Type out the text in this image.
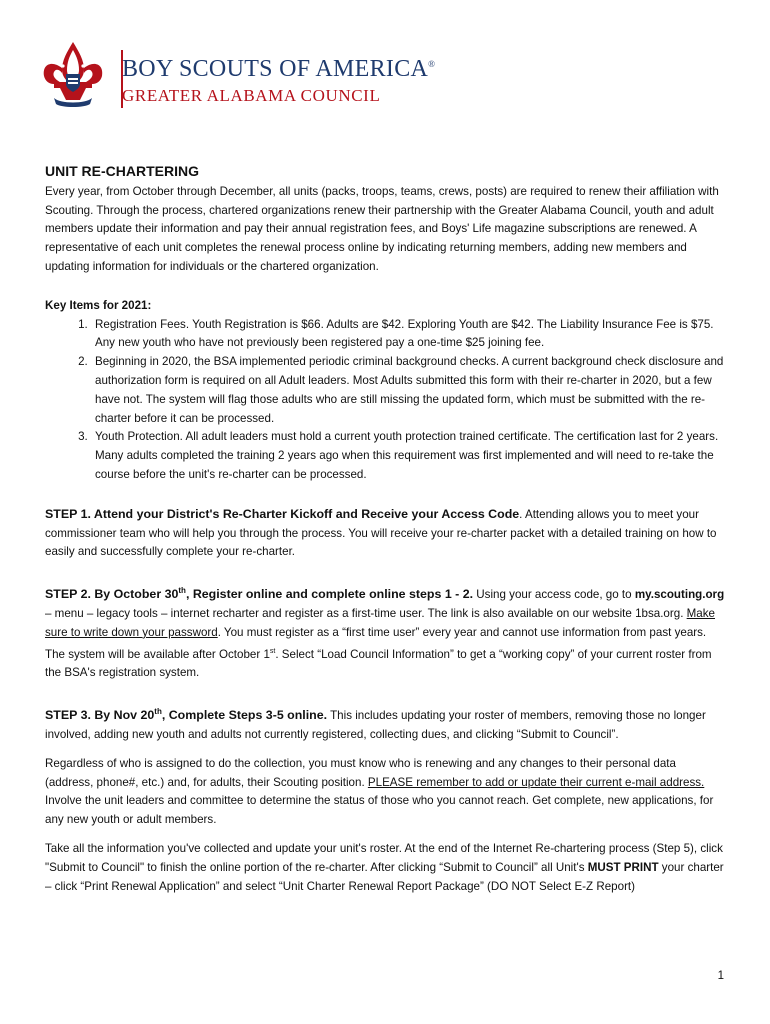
BOY SCOUTS OF AMERICA®
GREATER ALABAMA COUNCIL
UNIT RE-CHARTERING

Every year, from October through December, all units (packs, troops, teams, crews, posts) are required to renew their affiliation with Scouting. Through the process, chartered organizations renew their partnership with the Greater Alabama Council, youth and adult members update their information and pay their annual registration fees, and Boys' Life magazine subscriptions are renewed. A representative of each unit completes the renewal process online by indicating returning members, adding new members and updating information for individuals or the chartered organization.

Key Items for 2021:
1. Registration Fees. Youth Registration is $66. Adults are $42. Exploring Youth are $42. The Liability Insurance Fee is $75. Any new youth who have not previously been registered pay a one-time $25 joining fee.
2. Beginning in 2020, the BSA implemented periodic criminal background checks. A current background check disclosure and authorization form is required on all Adult leaders. Most Adults submitted this form with their re-charter in 2020, but a few have not. The system will flag those adults who are still missing the updated form, which must be submitted with the re-charter before it can be processed.
3. Youth Protection. All adult leaders must hold a current youth protection trained certificate. The certification last for 2 years. Many adults completed the training 2 years ago when this requirement was first implemented and will need to re-take the course before the unit's re-charter can be processed.

STEP 1. Attend your District's Re-Charter Kickoff and Receive your Access Code. Attending allows you to meet your commissioner team who will help you through the process. You will receive your re-charter packet with a detailed training on how to easily and successfully complete your re-charter.

STEP 2. By October 30th, Register online and complete online steps 1 - 2. Using your access code, go to my.scouting.org – menu – legacy tools – internet recharter and register as a first-time user. The link is also available on our website 1bsa.org. Make sure to write down your password. You must register as a “first time user” every year and cannot use information from past years. The system will be available after October 1st. Select “Load Council Information” to get a “working copy” of your current roster from the BSA's registration system.

STEP 3. By Nov 20th, Complete Steps 3-5 online. This includes updating your roster of members, removing those no longer involved, adding new youth and adults not currently registered, collecting dues, and clicking “Submit to Council”.

Regardless of who is assigned to do the collection, you must know who is renewing and any changes to their personal data (address, phone#, etc.) and, for adults, their Scouting position. PLEASE remember to add or update their current e-mail address. Involve the unit leaders and committee to determine the status of those who you cannot reach. Get complete, new applications, for any new youth or adult members.

Take all the information you've collected and update your unit's roster. At the end of the Internet Re-chartering process (Step 5), click "Submit to Council" to finish the online portion of the re-charter. After clicking “Submit to Council” all Unit's MUST PRINT your charter – click “Print Renewal Application” and select “Unit Charter Renewal Report Package” (DO NOT Select E-Z Report)

1
